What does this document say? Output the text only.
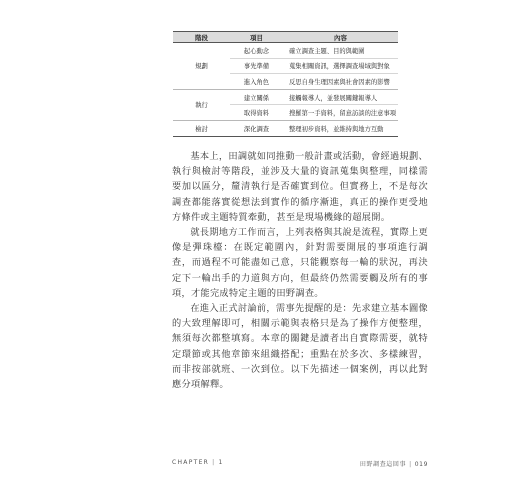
階段	項目	內容
規劃	起心動念	確立調查主題、目的與範圍
	事先準備	蒐集相關資訊，選擇調查場域與對象
	進入角色	反思自身生理因素與社會因素的影響
執行	建立關係	接觸報導人，並發展關鍵報導人
	取得資料	搜羅第一手資料，留意訪談的注意事項
檢討	深化調查	整理初步資料，並維持與地方互動

基本上，田調就如同推動一般計畫或活動，會經過規劃、執行與檢討等階段，並涉及大量的資訊蒐集與整理，同樣需要加以區分，釐清執行是否確實到位。但實務上，不是每次調查都能落實從想法到實作的循序漸進，真正的操作更受地方條件或主題特質牽動，甚至是現場機緣的超展開。

就長期地方工作而言，上列表格與其說是流程，實際上更像是彈珠檯：在既定範圍內，針對需要開展的事項進行調查，而過程不可能盡如己意，只能觀察每一輪的狀況，再決定下一輪出手的力道與方向，但最終仍然需要觸及所有的事項，才能完成特定主題的田野調查。

在進入正式討論前，需事先提醒的是：先求建立基本圖像的大致理解即可，相關示範與表格只是為了操作方便整理，無須每次都整填寫。本章的關鍵是讀者出自實際需要，就特定環節或其他章節來組織搭配；重點在於多次、多樣練習，而非按部就班、一次到位。以下先描述一個案例，再以此對應分項解釋。

CHAPTER | 1	田野調查這回事 | 019
